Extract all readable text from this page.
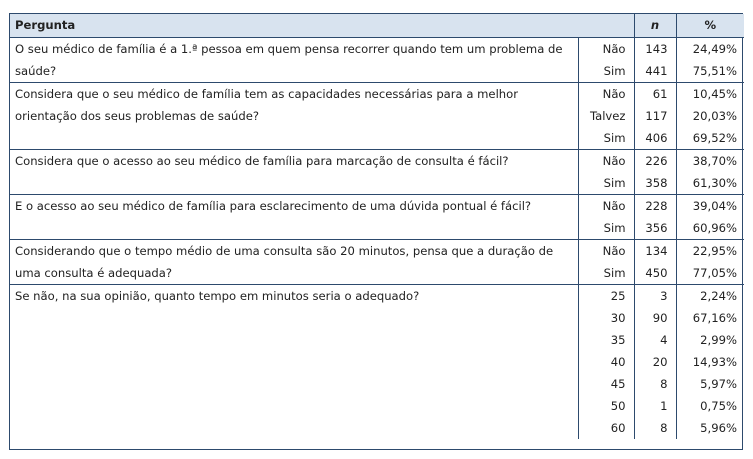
Pergunta		n	%
O seu médico de família é a 1.ª pessoa em quem pensa recorrer quando tem um problema de saúde?	Não	143	24,49%
	Sim	441	75,51%
Considera que o seu médico de família tem as capacidades necessárias para a melhor orientação dos seus problemas de saúde?	Não	61	10,45%
	Talvez	117	20,03%
	Sim	406	69,52%
Considera que o acesso ao seu médico de família para marcação de consulta é fácil?	Não	226	38,70%
	Sim	358	61,30%
E o acesso ao seu médico de família para esclarecimento de uma dúvida pontual é fácil?	Não	228	39,04%
	Sim	356	60,96%
Considerando que o tempo médio de uma consulta são 20 minutos, pensa que a duração de uma consulta é adequada?	Não	134	22,95%
	Sim	450	77,05%
Se não, na sua opinião, quanto tempo em minutos seria o adequado?	25	3	2,24%
	30	90	67,16%
	35	4	2,99%
	40	20	14,93%
	45	8	5,97%
	50	1	0,75%
	60	8	5,96%
